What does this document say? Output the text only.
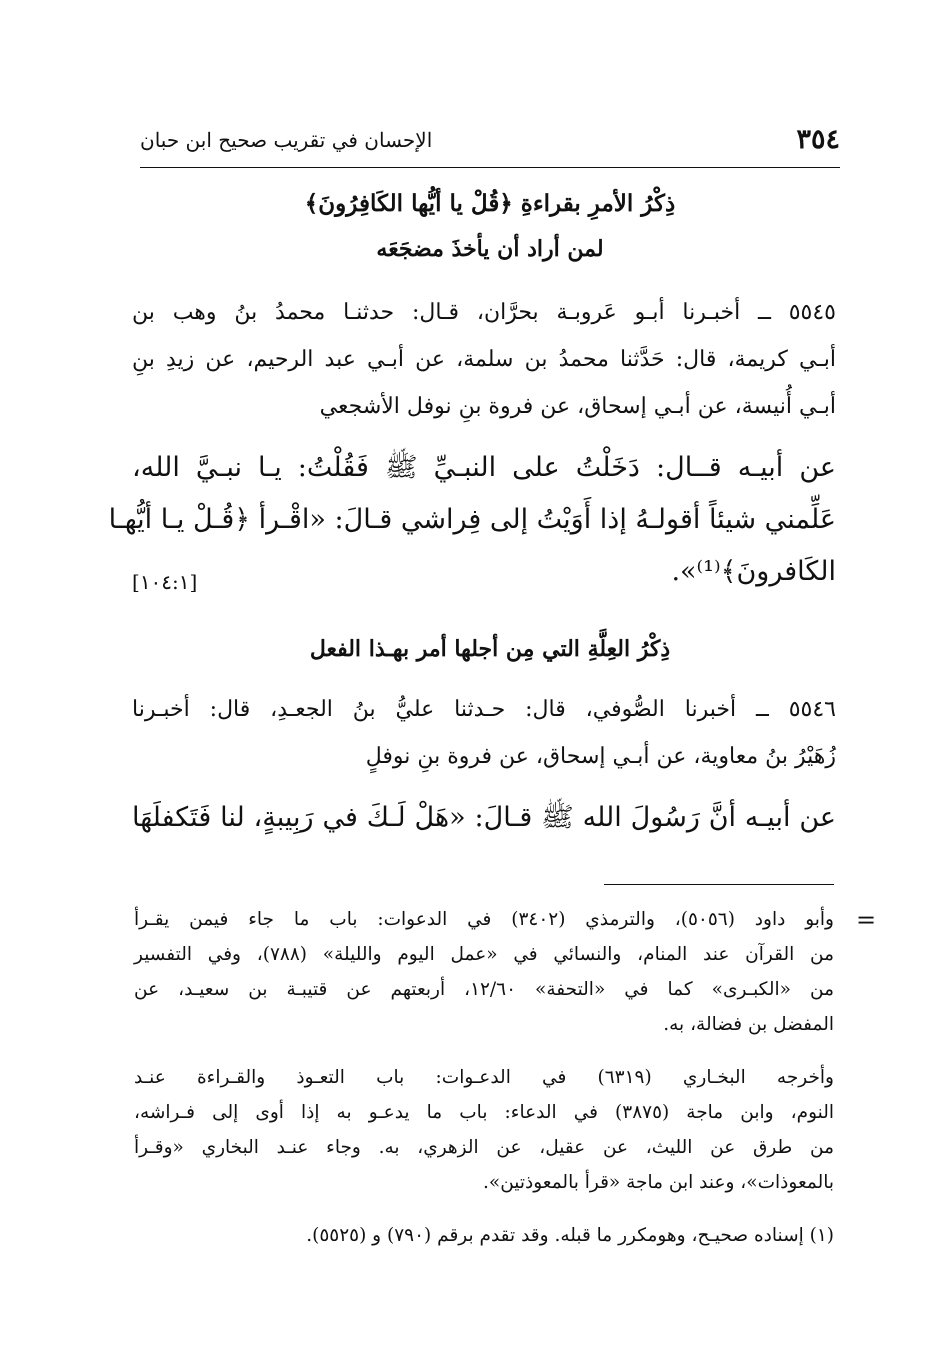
الإحسان في تقريب صحيح ابن حبان	٣٥٤
ذِكْرُ الأمرِ بقراءةِ ﴿قُلْ يا أيُّها الكَافِرُونَ﴾
لمن أراد أن يأخذَ مضجَعَه
٥٥٤٥ ــ أخبـرنا أبـو عَروبـة بحرَّان، قـال: حدثنـا محمدُ بنُ وهب بن
أبـي كريمة، قال: حَدَّثنا محمدُ بن سلمة، عن أبـي عبد الرحيم، عن زيدِ بنِ
أبـي أُنيسة، عن أبـي إسحاق، عن فروة بنِ نوفل الأشجعي
عن أبيـه قــال: دَخَلْتُ على النبـيِّ ﷺ فَقُلْتُ: يـا نبـيَّ الله،
عَلِّمني شيئاً أقولـهُ إذا أَوَيْتُ إلى فِراشي قـالَ: «اقْـرأ ﴿قُـلْ يـا أيُّهـا
الكَافرونَ﴾⁽¹⁾».
[١٠٤:١]
ذِكْرُ العِلَّةِ التي مِن أجلها أمر بهـذا الفعل
٥٥٤٦ ــ أخبرنا الصُّوفي، قال: حـدثنا عليُّ بنُ الجعـدِ، قال: أخبـرنا
زُهَيْرُ بنُ معاوية، عن أبـي إسحاق، عن فروة بنِ نوفلٍ
عن أبيـه أنَّ رَسُولَ الله ﷺ قـالَ: «هَلْ لَـكَ في رَبِيبةٍ، لنا فَتَكفلَهَا
=
وأبو داود (٥٠٥٦)، والترمذي (٣٤٠٢) في الدعوات: باب ما جاء فيمن يقـرأ
من القرآن عند المنام، والنسائي في «عمل اليوم والليلة» (٧٨٨)، وفي التفسير
من «الكبـرى» كما في «التحفة» ١٢/٦٠، أربعتهم عن قتيبـة بن سعيـد، عن
المفضل بن فضالة، به.
وأخرجه البخـاري (٦٣١٩) في الدعـوات: باب التعـوذ والقـراءة عنـد
النوم، وابن ماجة (٣٨٧٥) في الدعاء: باب ما يدعـو به إذا أوى إلى فـراشه،
من طرق عن الليث، عن عقيل، عن الزهري، به. وجاء عنـد البخاري «وقـرأ
بالمعوذات»، وعند ابن ماجة «قرأ بالمعوذتين».
(١) إسناده صحيـح، وهومكرر ما قبله. وقد تقدم برقم (٧٩٠) و (٥٥٢٥).
